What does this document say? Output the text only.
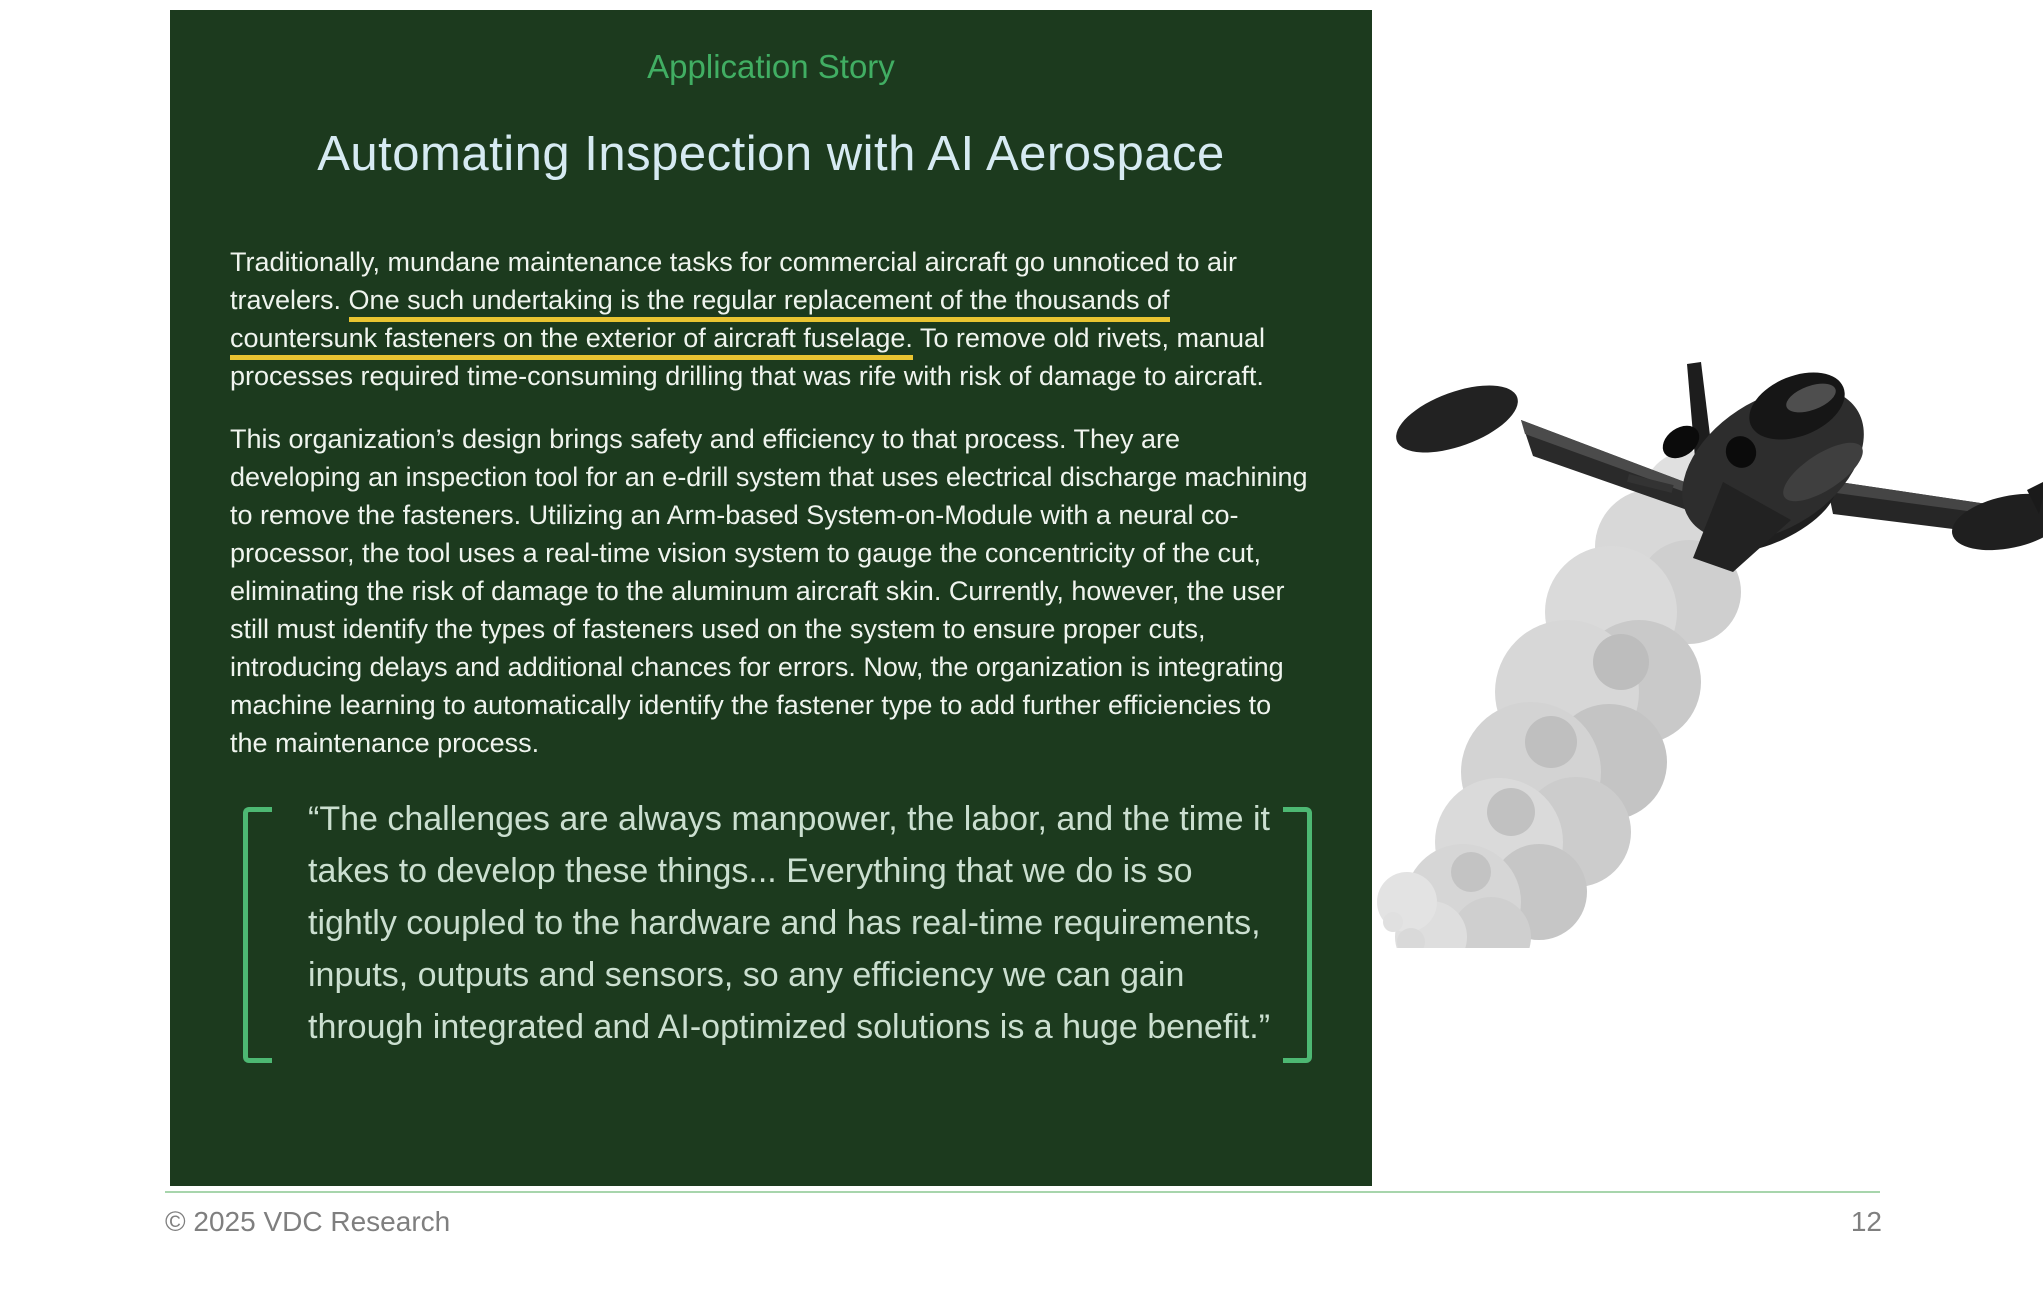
Application Story
Automating Inspection with AI Aerospace

Traditionally, mundane maintenance tasks for commercial aircraft go unnoticed to air travelers. One such undertaking is the regular replacement of the thousands of countersunk fasteners on the exterior of aircraft fuselage. To remove old rivets, manual processes required time-consuming drilling that was rife with risk of damage to aircraft.

This organization’s design brings safety and efficiency to that process. They are developing an inspection tool for an e-drill system that uses electrical discharge machining to remove the fasteners. Utilizing an Arm-based System-on-Module with a neural co-processor, the tool uses a real-time vision system to gauge the concentricity of the cut, eliminating the risk of damage to the aluminum aircraft skin. Currently, however, the user still must identify the types of fasteners used on the system to ensure proper cuts, introducing delays and additional chances for errors. Now, the organization is integrating machine learning to automatically identify the fastener type to add further efficiencies to the maintenance process.

“The challenges are always manpower, the labor, and the time it takes to develop these things... Everything that we do is so tightly coupled to the hardware and has real-time requirements, inputs, outputs and sensors, so any efficiency we can gain through integrated and AI-optimized solutions is a huge benefit.”

© 2025 VDC Research	12
